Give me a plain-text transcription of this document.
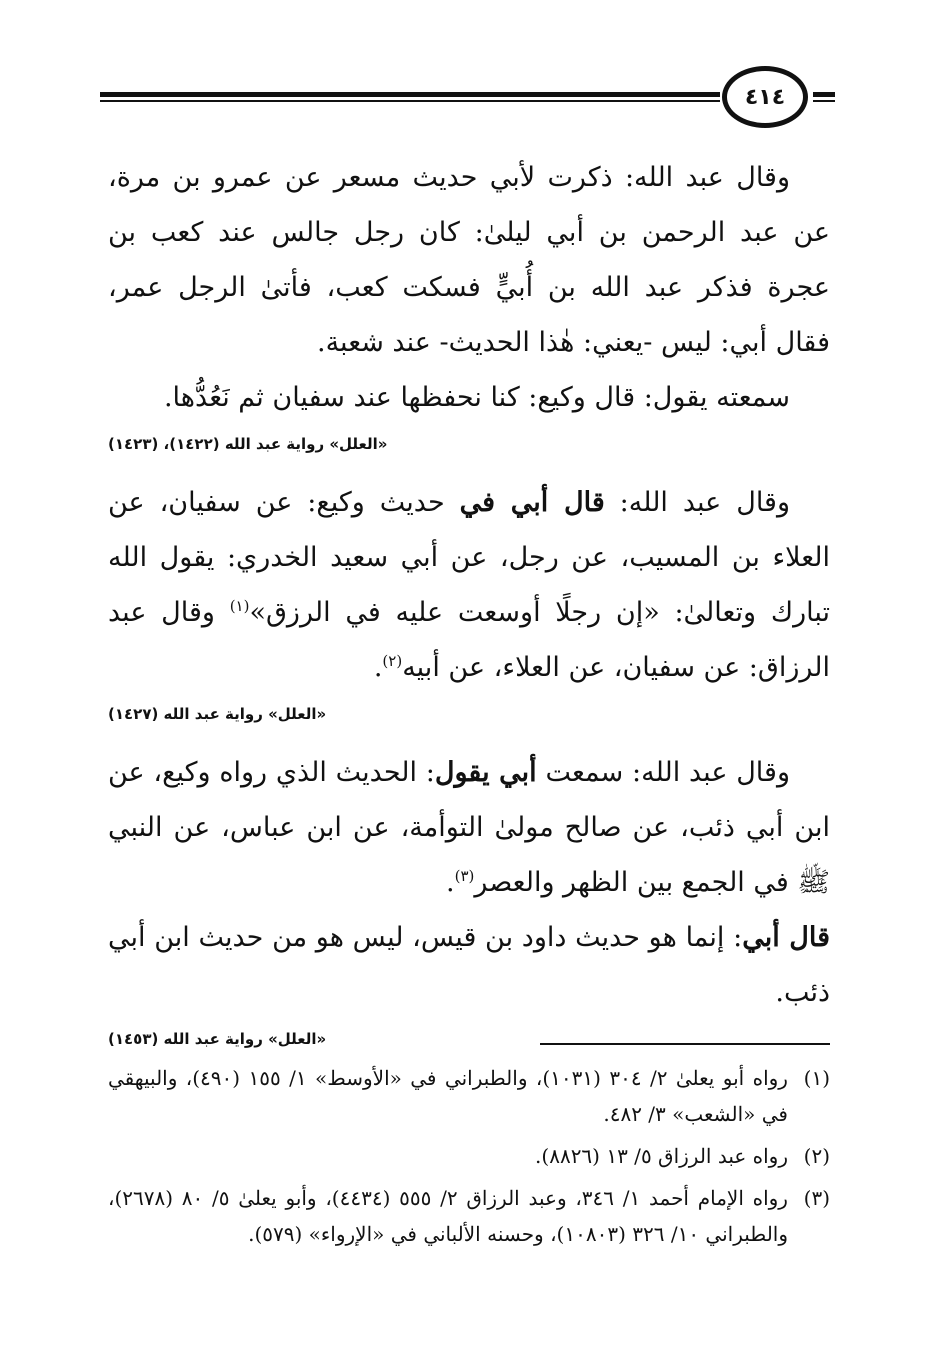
٤١٤

وقال عبد الله: ذكرت لأبي حديث مسعر عن عمرو بن مرة، عن عبد الرحمن بن أبي ليلىٰ: كان رجل جالس عند كعب بن عجرة فذكر عبد الله بن أُبيٍّ فسكت كعب، فأتىٰ الرجل عمر، فقال أبي: ليس -يعني: هٰذا الحديث- عند شعبة.

سمعته يقول: قال وكيع: كنا نحفظها عند سفيان ثم نَعُدُّها.

«العلل» رواية عبد الله (١٤٢٢)، (١٤٢٣)

وقال عبد الله: قال أبي في حديث وكيع: عن سفيان، عن العلاء بن المسيب، عن رجل، عن أبي سعيد الخدري: يقول الله تبارك وتعالىٰ: «إن رجلًا أوسعت عليه في الرزق»$^{(١)}$ وقال عبد الرزاق: عن سفيان، عن العلاء، عن أبيه$^{(٢)}$.

«العلل» رواية عبد الله (١٤٢٧)

وقال عبد الله: سمعت أبي يقول: الحديث الذي رواه وكيع، عن ابن أبي ذئب، عن صالح مولىٰ التوأمة، عن ابن عباس، عن النبي ﷺ في الجمع بين الظهر والعصر$^{(٣)}$.

قال أبي: إنما هو حديث داود بن قيس، ليس هو من حديث ابن أبي ذئب.

«العلل» رواية عبد الله (١٤٥٣)
(١)
رواه أبو يعلىٰ ٢/ ٣٠٤ (١٠٣١)، والطبراني في «الأوسط» ١/ ١٥٥ (٤٩٠)، والبيهقي في «الشعب» ٣/ ٤٨٢.
(٢)
رواه عبد الرزاق ٥/ ١٣ (٨٨٢٦).
(٣)
رواه الإمام أحمد ١/ ٣٤٦، وعبد الرزاق ٢/ ٥٥٥ (٤٤٣٤)، وأبو يعلىٰ ٥/ ٨٠ (٢٦٧٨)، والطبراني ١٠/ ٣٢٦ (١٠٨٠٣)، وحسنه الألباني في «الإرواء» (٥٧٩).
